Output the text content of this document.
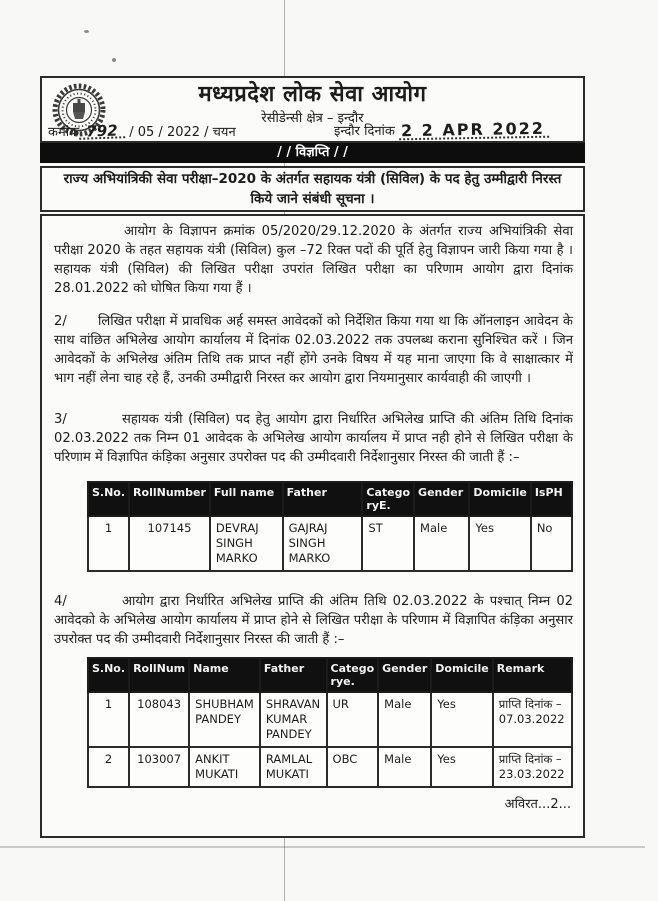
मध्यप्रदेश लोक सेवा आयोग
रेसीडेन्सी क्षेत्र – इन्दौर
कमांक 792 / 05 / 2022 / चयन	इन्दौर दिनांक 2 2 APR 2022
/ / विज्ञप्ति / /
राज्य अभियांत्रिकी सेवा परीक्षा–2020 के अंतर्गत सहायक यंत्री (सिविल) के पद हेतु उम्मीद्वारी निरस्त किये जाने संबंधी सूचना ।

आयोग के विज्ञापन क्रमांक 05/2020/29.12.2020 के अंतर्गत राज्य अभियांत्रिकी सेवा परीक्षा 2020 के तहत सहायक यंत्री (सिविल) कुल –72 रिक्त पदों की पूर्ति हेतु विज्ञापन जारी किया गया है । सहायक यंत्री (सिविल) की लिखित परीक्षा उपरांत लिखित परीक्षा का परिणाम आयोग द्वारा दिनांक 28.01.2022 को घोषित किया गया हैं ।

2/ लिखित परीक्षा में प्रावधिक अर्ह समस्त आवेदकों को निर्देशित किया गया था कि ऑनलाइन आवेदन के साथ वांछित अभिलेख आयोग कार्यालय में दिनांक 02.03.2022 तक उपलब्ध कराना सुनिश्चित करें । जिन आवेदकों के अभिलेख अंतिम तिथि तक प्राप्त नहीं होंगे उनके विषय में यह माना जाएगा कि वे साक्षात्कार में भाग नहीं लेना चाह रहे हैं, उनकी उम्मीद्वारी निरस्त कर आयोग द्वारा नियमानुसार कार्यवाही की जाएगी ।

3/	सहायक यंत्री (सिविल) पद हेतु आयोग द्वारा निर्धारित अभिलेख प्राप्ति की अंतिम तिथि दिनांक 02.03.2022 तक निम्न 01 आवेदक के अभिलेख आयोग कार्यालय में प्राप्त नही होने से लिखित परीक्षा के परिणाम में विज्ञापित कंड़िका अनुसार उपरोक्त पद की उम्मीदवारी निर्देशानुसार निरस्त की जाती हैं :–

S.No.	RollNumber	Full name	Father	Catego ryE.	Gender	Domicile	IsPH
1	107145	DEVRAJ SINGH MARKO	GAJRAJ SINGH MARKO	ST	Male	Yes	No

4/	आयोग द्वारा निर्धारित अभिलेख प्राप्ति की अंतिम तिथि 02.03.2022 के पश्चात् निम्न 02 आवेदको के अभिलेख आयोग कार्यालय में प्राप्त होने से लिखित परीक्षा के परिणाम में विज्ञापित कंड़िका अनुसार उपरोक्त पद की उम्मीदवारी निर्देशानुसार निरस्त की जाती हैं :–

S.No.	RollNum	Name	Father	Catego rye.	Gender	Domicile	Remark
1	108043	SHUBHAM PANDEY	SHRAVAN KUMAR PANDEY	UR	Male	Yes	प्राप्ति दिनांक – 07.03.2022
2	103007	ANKIT MUKATI	RAMLAL MUKATI	OBC	Male	Yes	प्राप्ति दिनांक – 23.03.2022
अविरत...2...
